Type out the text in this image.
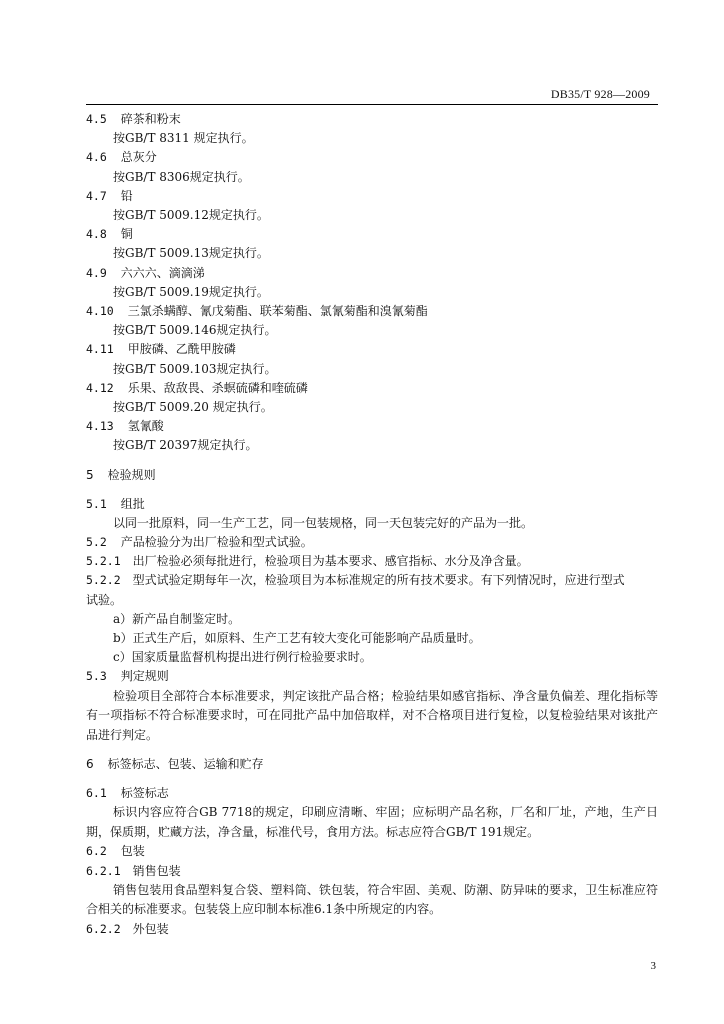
DB35/T 928—2009
4.5 碎茶和粉末
按GB/T 8311 规定执行。
4.6 总灰分
按GB/T 8306规定执行。
4.7 铅
按GB/T 5009.12规定执行。
4.8 铜
按GB/T 5009.13规定执行。
4.9 六六六、滴滴涕
按GB/T 5009.19规定执行。
4.10 三氯杀螨醇、氰戊菊酯、联苯菊酯、氯氰菊酯和溴氰菊酯
按GB/T 5009.146规定执行。
4.11 甲胺磷、乙酰甲胺磷
按GB/T 5009.103规定执行。
4.12 乐果、敌敌畏、杀螟硫磷和喹硫磷
按GB/T 5009.20 规定执行。
4.13 氢氰酸
按GB/T 20397规定执行。
5 检验规则
5.1 组批
以同一批原料，同一生产工艺，同一包装规格，同一天包装完好的产品为一批。
5.2 产品检验分为出厂检验和型式试验。
5.2.1 出厂检验必须每批进行，检验项目为基本要求、感官指标、水分及净含量。
5.2.2 型式试验定期每年一次，检验项目为本标准规定的所有技术要求。有下列情况时，应进行型式
试验。
a）新产品自制鉴定时。
b）正式生产后，如原料、生产工艺有较大变化可能影响产品质量时。
c）国家质量监督机构提出进行例行检验要求时。
5.3 判定规则
检验项目全部符合本标准要求，判定该批产品合格；检验结果如感官指标、净含量负偏差、理化指标等有一项指标不符合标准要求时，可在同批产品中加倍取样，对不合格项目进行复检，以复检验结果对该批产品进行判定。
6 标签标志、包装、运输和贮存
6.1 标签标志
标识内容应符合GB 7718的规定，印刷应清晰、牢固；应标明产品名称，厂名和厂址，产地，生产日期，保质期，贮藏方法，净含量，标准代号，食用方法。标志应符合GB/T 191规定。
6.2 包装
6.2.1 销售包装
销售包装用食品塑料复合袋、塑料筒、铁包装，符合牢固、美观、防潮、防异味的要求，卫生标准应符合相关的标准要求。包装袋上应印制本标准6.1条中所规定的内容。
6.2.2 外包装
3
